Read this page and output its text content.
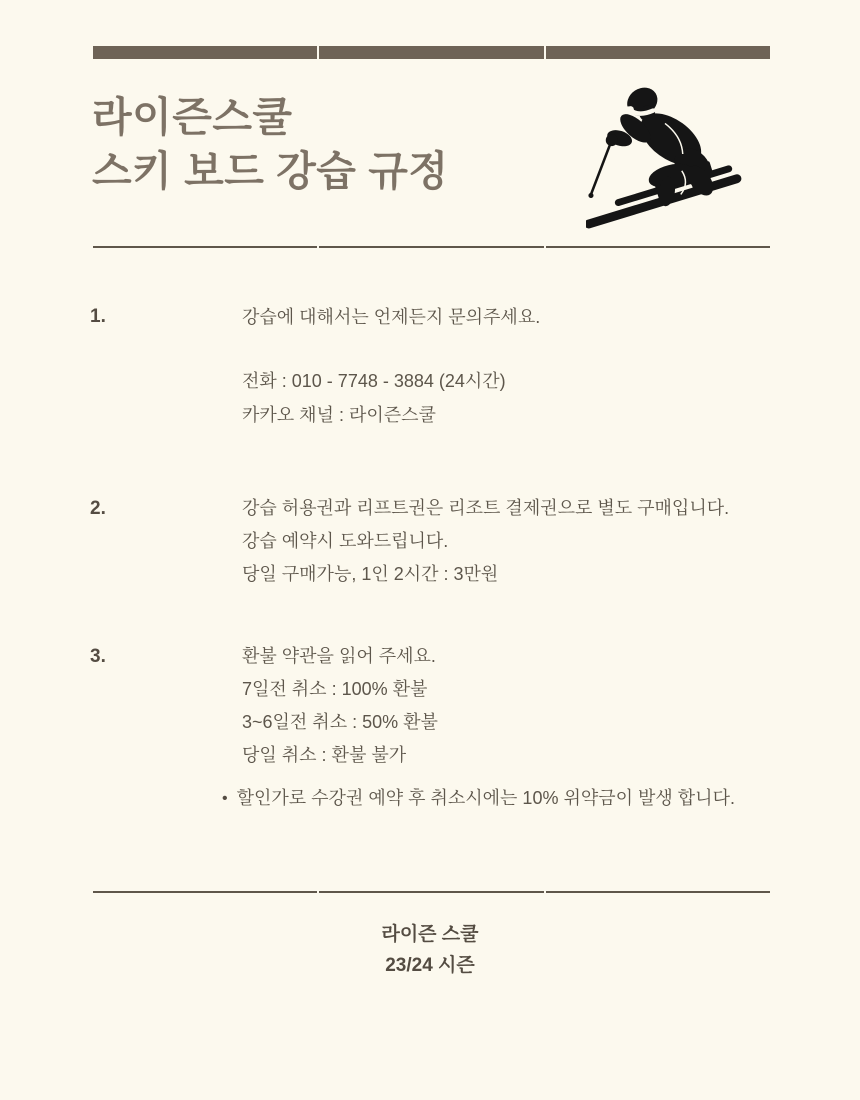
라이즌스쿨
스키 보드 강습 규정
1.	강습에 대해서는 언제든지 문의주세요.

전화 : 010 - 7748 - 3884 (24시간)

카카오 채널 : 라이즌스쿨

2.	강습 허용권과 리프트권은 리조트 결제권으로 별도 구매입니다.

강습 예약시 도와드립니다.

당일 구매가능, 1인 2시간 : 3만원

3.	환불 약관을 읽어 주세요.

7일전 취소 : 100% 환불

3~6일전 취소 : 50% 환불

당일 취소 : 환불 불가

• 할인가로 수강권 예약 후 취소시에는 10% 위약금이 발생 합니다.

라이즌 스쿨

23/24 시즌
